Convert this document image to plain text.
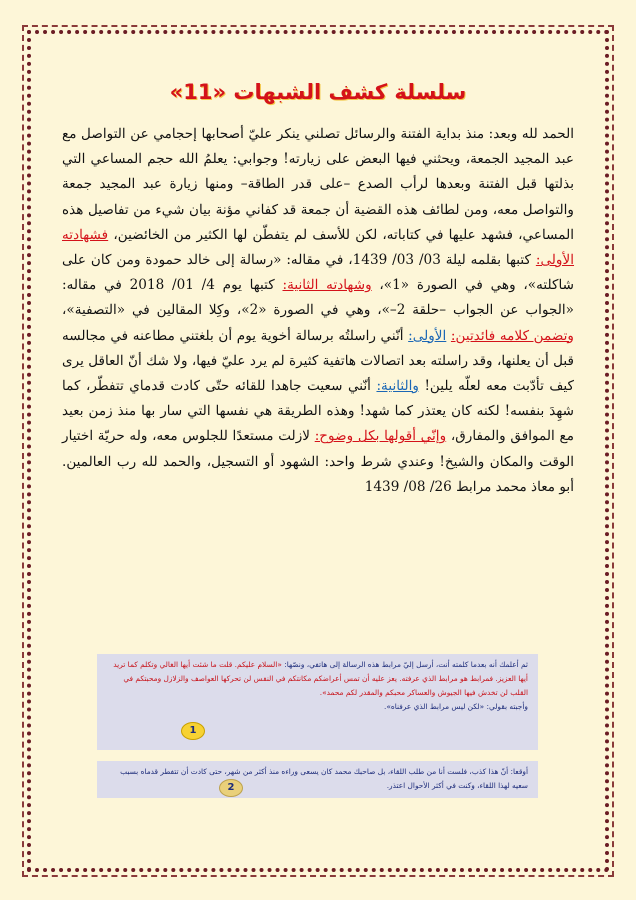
سلسلة كشف الشبهات «11»

الحمد لله وبعد: منذ بداية الفتنة والرسائل تصلني ينكر عليّ أصحابها إحجامي عن التواصل مع عبد المجيد الجمعة، ويحثني فيها البعض على زيارته! وجوابي: يعلمُ الله حجم المساعي التي بذلتها قبل الفتنة وبعدها لرأب الصدع –على قدر الطاقة– ومنها زيارة عبد المجيد جمعة والتواصل معه، ومن لطائف هذه القضية أن جمعة قد كفاني مؤنة بيان شيء من تفاصيل هذه المساعي، فشهد عليها في كتاباته، لكن للأسف لم يتفطّن لها الكثير من الخائضين، فشهادته الأولى: كتبها بقلمه ليلة 03/ 03/ 1439، في مقاله: «رسالة إلى خالد حمودة ومن كان على شاكلته»، وهي في الصورة «1»، وشهادته الثانية: كتبها يوم 4/ 01/ 2018 في مقاله: «الجواب عن الجواب –حلقة 2–»، وهي في الصورة «2»، وكِلا المقالين في «التصفية»، وتضمن كلامه فائدتين: الأولى: أنّني راسلتُه برسالة أخوية يوم أن بلغتني مطاعنه في مجالسه قبل أن يعلنها، وقد راسلته بعد اتصالات هاتفية كثيرة لم يرد عليّ فيها، ولا شك أنّ العاقل يرى كيف تأدّبت معه لعلّه يلين! والثانية: أنّني سعيت جاهدا للقائه حتّى كادت قدماي تتفطّر، كما شهِدَ بنفسه! لكنه كان يعتذر كما شهد! وهذه الطريقة هي نفسها التي سار بها منذ زمن بعيد مع الموافق والمفارق، وإنّي أقولها بكل وضوح: لازلت مستعدًا للجلوس معه، وله حريّة اختيار الوقت والمكان والشيخ! وعندي شرط واحد: الشهود أو التسجيل، والحمد لله رب العالمين. أبو معاذ محمد مرابط 26/ 08/ 1439

ثم أعلمك أنه بعدما كلمته أنت، أرسل إليّ مرابط هذه الرسالة إلى هاتفي، ونصّها: «السلام عليكم. قلت ما شئت أيها الغالي وتكلم كما تريد أيها العزيز. فمرابط هو مرابط الذي عرفته. يعز عليه أن تمس أعراضكم مكانتكم في النفس لن تحركها العواصف والزلازل ومحبتكم في القلب لن تخدش فيها الجيوش والعساكر محبكم والمقدر لكم محمد».
وأجبته بقولي: «لكن ليس مرابط الذي عرفناه».
1
أوقعا: أنّ هذا كذب، فلست أنا من طلب اللقاء، بل صاحبك محمد كان يسعى وراءه منذ أكثر من شهر، حتى كادت أن تتفطر قدماه بسبب سعيه لهذا اللقاء، وكنت في أكثر الأحوال اعتذر.
2
